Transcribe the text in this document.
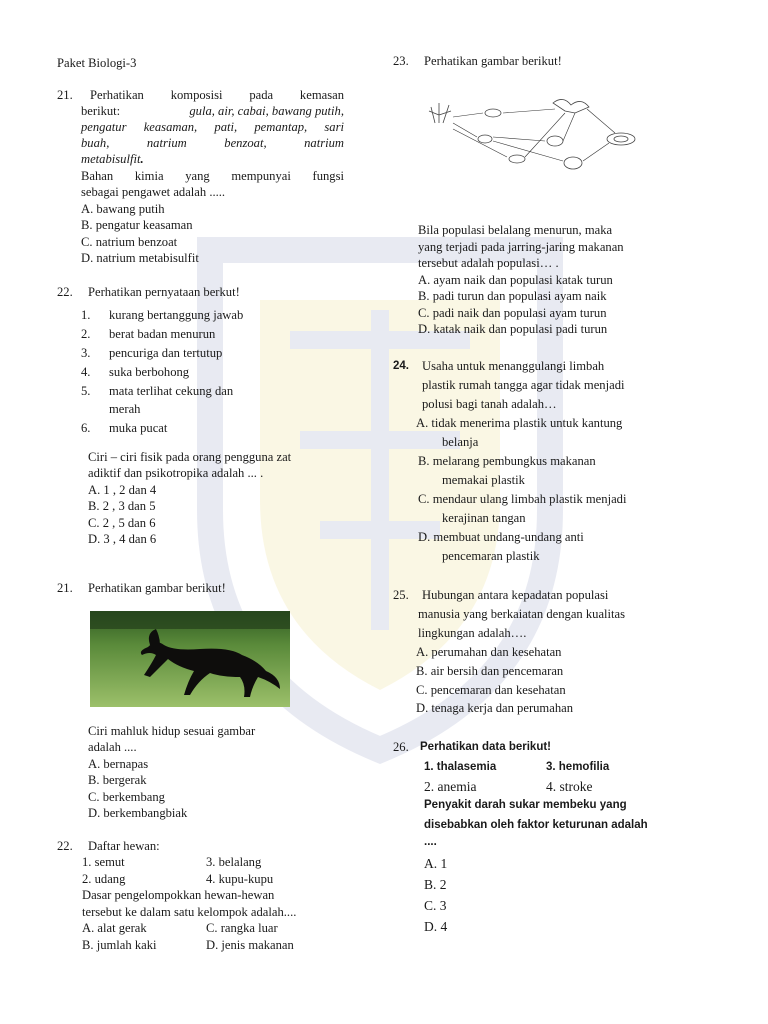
Paket Biologi-3
21. Perhatikan komposisi pada kemasan
berikut:	gula, air, cabai, bawang putih,
pengatur keasaman, pati, pemantap, sari
buah,	natrium	benzoat,	natrium
metabisulfit.
Bahan kimia yang mempunyai fungsi
sebagai pengawet adalah .....
A. bawang putih
B. pengatur keasaman
C. natrium benzoat
D. natrium metabisulfit
22. Perhatikan pernyataan berkut!
1. kurang bertanggung jawab
2. berat badan menurun
3. pencuriga dan tertutup
4. suka berbohong
5. mata terlihat cekung dan
merah
6. muka pucat
Ciri – ciri fisik pada orang pengguna zat
adiktif dan psikotropika adalah ... .
A. 1 , 2 dan 4
B. 2 , 3 dan 5
C. 2 , 5 dan 6
D. 3 , 4 dan 6
21. Perhatikan gambar berikut!
Ciri mahluk hidup sesuai gambar
adalah ....
A. bernapas
B. bergerak
C. berkembang
D. berkembangbiak
22. Daftar hewan:
1. semut	3. belalang
2. udang	4. kupu-kupu
Dasar pengelompokkan hewan-hewan
tersebut ke dalam satu kelompok adalah....
A. alat gerak	C. rangka luar
B. jumlah kaki	D. jenis makanan
23. Perhatikan gambar berikut!
Bila populasi belalang menurun, maka
yang terjadi pada jarring-jaring makanan
tersebut adalah populasi… .
A. ayam naik dan populasi katak turun
B. padi turun dan populasi ayam naik
C. padi naik dan populasi ayam turun
D. katak naik dan populasi padi turun
24. Usaha untuk menanggulangi limbah
plastik rumah tangga agar tidak menjadi
polusi bagi tanah adalah…
A. tidak menerima plastik untuk kantung
belanja
B. melarang pembungkus makanan
memakai plastik
C. mendaur ulang limbah plastik menjadi
kerajinan tangan
D. membuat undang-undang anti
pencemaran plastik
25. Hubungan antara kepadatan populasi
manusia yang berkaiatan dengan kualitas
lingkungan adalah….
A. perumahan dan kesehatan
B. air bersih dan pencemaran
C. pencemaran dan kesehatan
D. tenaga kerja dan perumahan
26. Perhatikan data berikut!
1. thalasemia	3. hemofilia
2. anemia	4. stroke
Penyakit darah sukar membeku yang
disebabkan oleh faktor keturunan adalah
....
A. 1
B. 2
C. 3
D. 4
